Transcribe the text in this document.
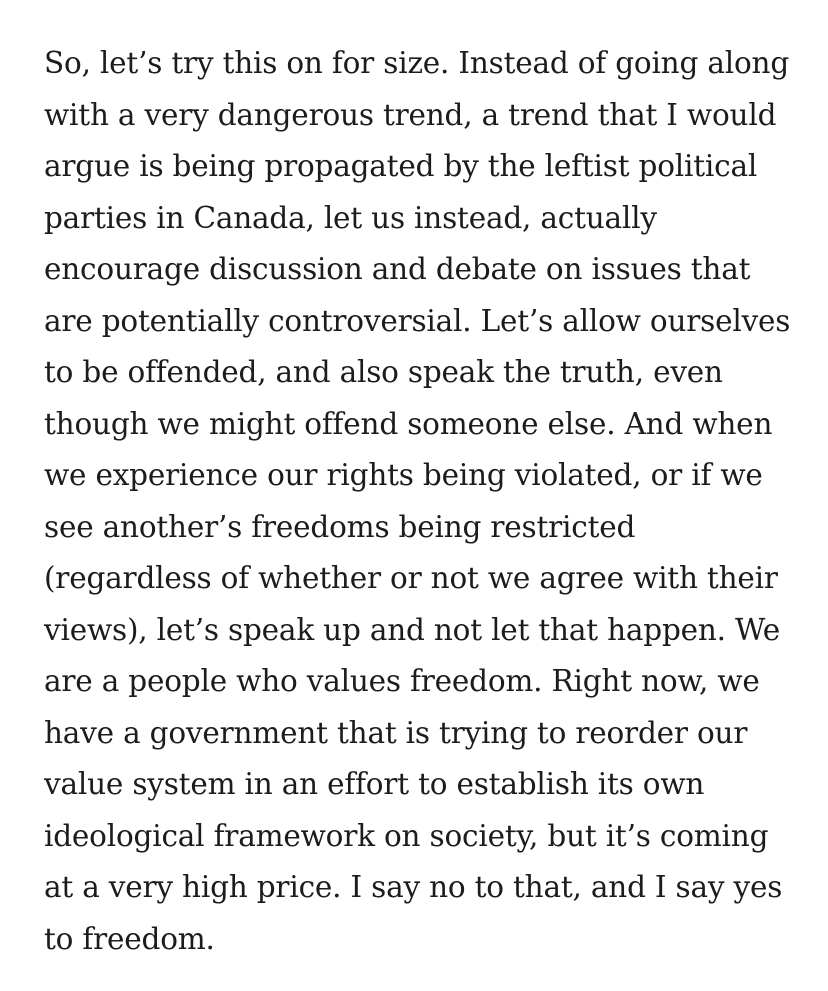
So, let’s try this on for size. Instead of going along
with a very dangerous trend, a trend that I would
argue is being propagated by the leftist political
parties in Canada, let us instead, actually
encourage discussion and debate on issues that
are potentially controversial. Let’s allow ourselves
to be offended, and also speak the truth, even
though we might offend someone else. And when
we experience our rights being violated, or if we
see another’s freedoms being restricted
(regardless of whether or not we agree with their
views), let’s speak up and not let that happen. We
are a people who values freedom. Right now, we
have a government that is trying to reorder our
value system in an effort to establish its own
ideological framework on society, but it’s coming
at a very high price. I say no to that, and I say yes
to freedom.
